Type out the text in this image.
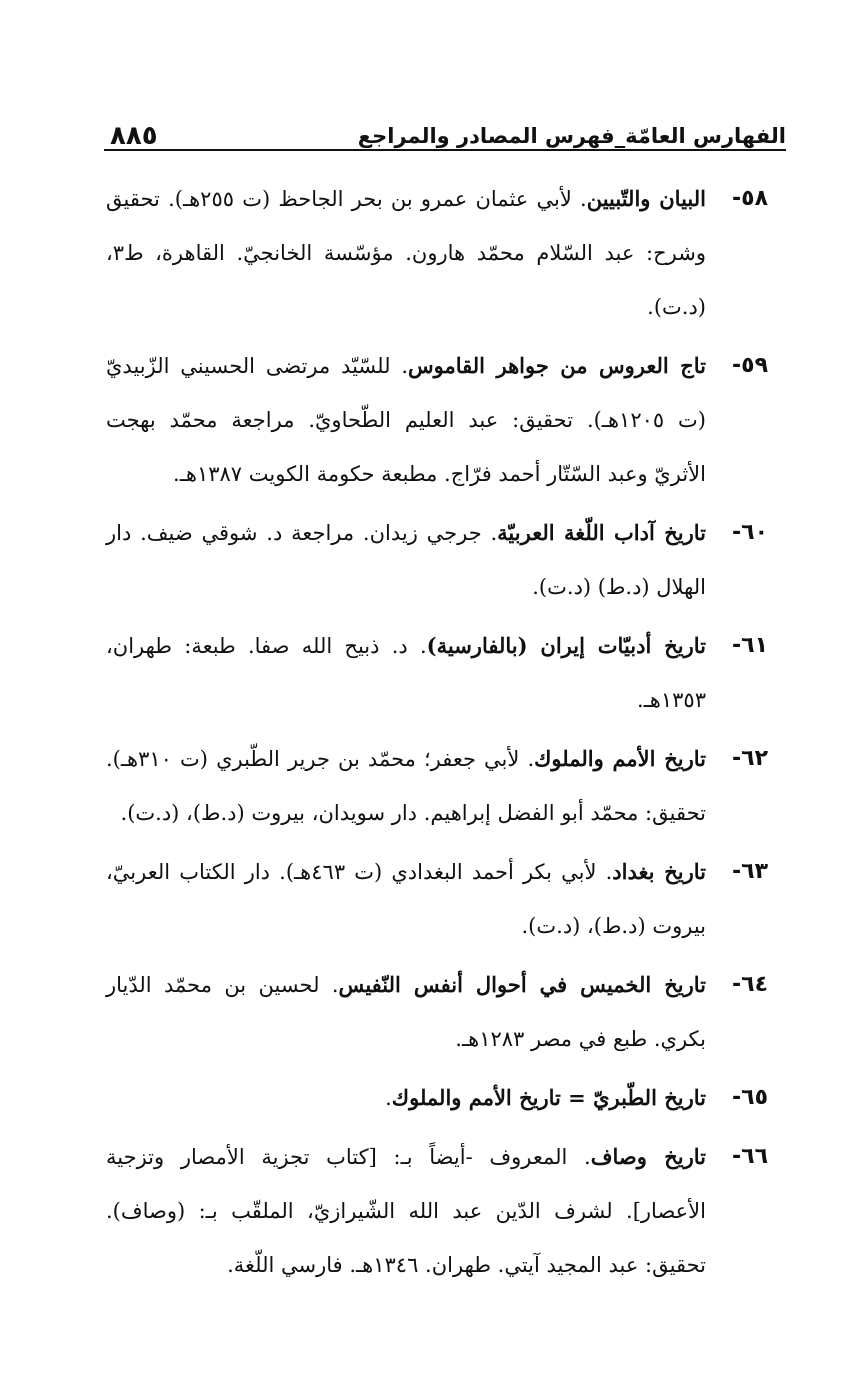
الفهارس العامّة_فهرس المصادر والمراجع
٨٨٥
٥٨-

البيان والتّبيين. لأبي عثمان عمرو بن بحر الجاحظ (ت ٢٥٥هـ). تحقيق وشرح: عبد السّلام محمّد هارون. مؤسّسة الخانجيّ. القاهرة، ط٣، (د.ت).

٥٩-

تاج العروس من جواهر القاموس. للسّيّد مرتضى الحسيني الزّبيديّ (ت ١٢٠٥هـ). تحقيق: عبد العليم الطّحاويّ. مراجعة محمّد بهجت الأثريّ وعبد السّتّار أحمد فرّاج. مطبعة حكومة الكويت ١٣٨٧هـ.

٦٠-

تاريخ آداب اللّغة العربيّة. جرجي زيدان. مراجعة د. شوقي ضيف. دار الهلال (د.ط) (د.ت).

٦١-

تاريخ أدبيّات إيران (بالفارسية). د. ذبيح الله صفا. طبعة: طهران، ١٣٥٣هـ.

٦٢-

تاريخ الأمم والملوك. لأبي جعفر؛ محمّد بن جرير الطّبري (ت ٣١٠هـ). تحقيق: محمّد أبو الفضل إبراهيم. دار سويدان، بيروت (د.ط)، (د.ت).

٦٣-

تاريخ بغداد. لأبي بكر أحمد البغدادي (ت ٤٦٣هـ). دار الكتاب العربيّ، بيروت (د.ط)، (د.ت).

٦٤-

تاريخ الخميس في أحوال أنفس النّفيس. لحسين بن محمّد الدّيار بكري. طبع في مصر ١٢٨٣هـ.

٦٥-

تاريخ الطّبريّ = تاريخ الأمم والملوك.

٦٦-

تاريخ وصاف. المعروف -أيضاً بـ: [كتاب تجزية الأمصار وتزجية الأعصار]. لشرف الدّين عبد الله الشّيرازيّ، الملقّب بـ: (وصاف). تحقيق: عبد المجيد آيتي. طهران. ١٣٤٦هـ. فارسي اللّغة.
